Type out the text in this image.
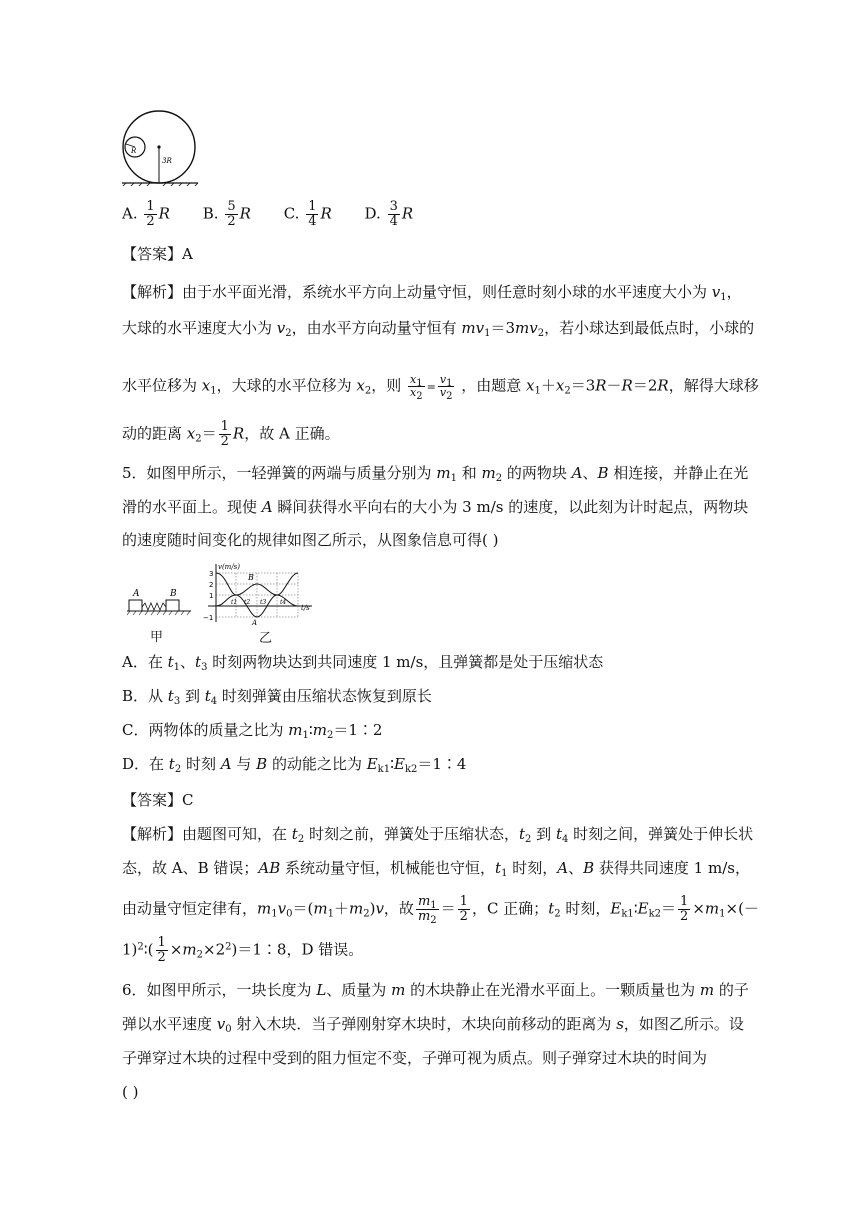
R
3R
A. $\frac{1}{2}$ R B. $\frac{5}{2}$ R C. $\frac{1}{4}$ R D. $\frac{3}{4}$ R
【答案】A
【解析】由于水平面光滑，系统水平方向上动量守恒，则任意时刻小球的水平速度大小为 $v_1$，
大球的水平速度大小为 $v_2$，由水平方向动量守恒有 $mv_1=3mv_2$，若小球达到最低点时，小球的
水平位移为 $x_1$，大球的水平位移为 $x_2$，则 $\frac{x_1}{x_2} = \frac{v_1}{v_2}$ ，由题意 $x_1+x_2=3R-R=2R$，解得大球移
动的距离 $x_2= \frac{1}{2}$ R，故 A 正确。
5．如图甲所示，一轻弹簧的两端与质量分别为 $m_1$ 和 $m_2$ 的两物块 A、B 相连接，并静止在光
滑的水平面上。现使 A 瞬间获得水平向右的大小为 3 m/s 的速度，以此刻为计时起点，两物块
的速度随时间变化的规律如图乙所示，从图象信息可得( )
A	B
甲
v(m/s)
t/s
3
2
1
−1
t1 t2 t3 t4
B
A
乙
A．在 $t_1$、$t_3$ 时刻两物块达到共同速度 1 m/s，且弹簧都是处于压缩状态
B．从 $t_3$ 到 $t_4$ 时刻弹簧由压缩状态恢复到原长
C．两物体的质量之比为 $m_1∶m_2=1∶2$
D．在 $t_2$ 时刻 A 与 B 的动能之比为 $E_{k1}∶E_{k2}=1∶4$
【答案】C
【解析】由题图可知，在 $t_2$ 时刻之前，弹簧处于压缩状态，$t_2$ 到 $t_4$ 时刻之间，弹簧处于伸长状
态，故 A、B 错误；AB 系统动量守恒，机械能也守恒，$t_1$ 时刻，A、B 获得共同速度 1 m/s，
由动量守恒定律有，$m_1v_0=(m_1+m_2)v$，故 $\frac{m_1}{m_2} = \frac{1}{2}$ ，C 正确；$t_2$ 时刻，$E_{k1}∶E_{k2}= \frac{1}{2} \times m_1\times(-$
1)$^2$∶( $\frac{1}{2}$ $\times m_2\times 2^2)=1∶8$，D 错误。
6．如图甲所示，一块长度为 L、质量为 m 的木块静止在光滑水平面上。一颗质量也为 m 的子
弹以水平速度 $v_0$ 射入木块．当子弹刚射穿木块时，木块向前移动的距离为 s，如图乙所示。设
子弹穿过木块的过程中受到的阻力恒定不变，子弹可视为质点。则子弹穿过木块的时间为
( )
